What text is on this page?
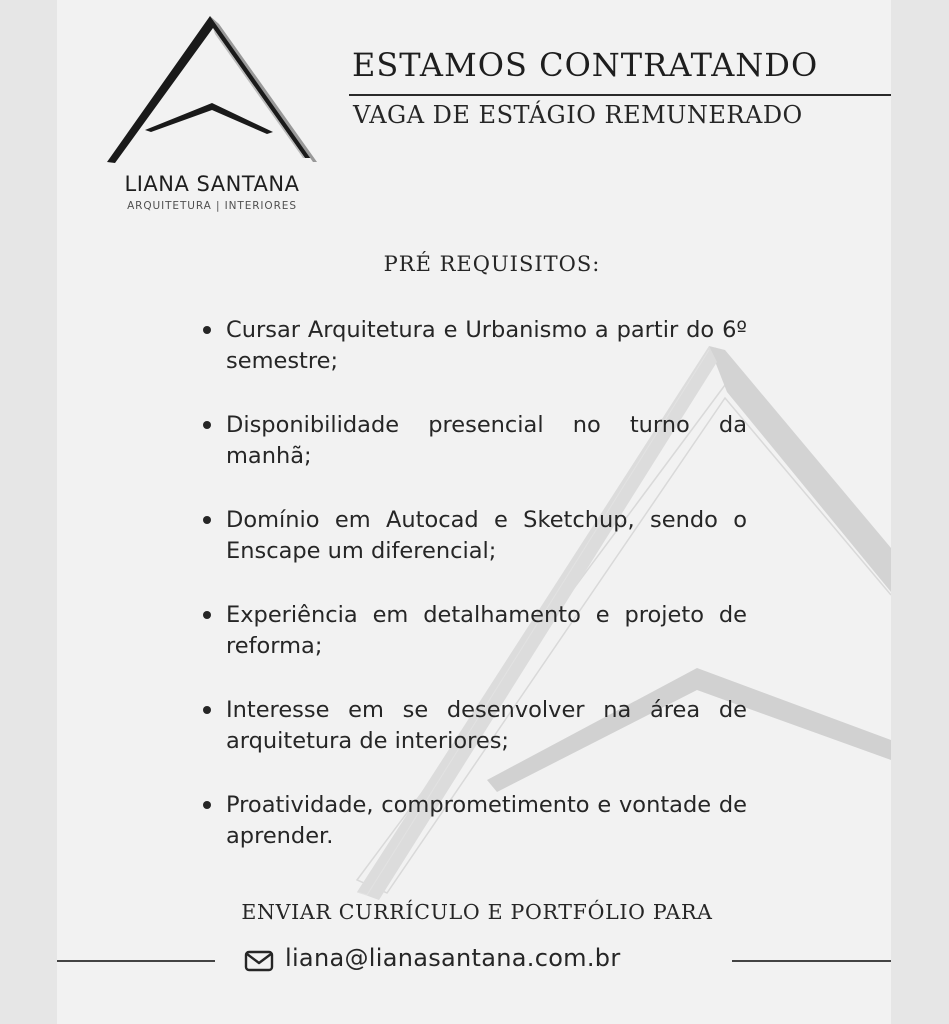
LIANA SANTANA
ARQUITETURA | INTERIORES
ESTAMOS CONTRATANDO
VAGA DE ESTÁGIO REMUNERADO
PRÉ REQUISITOS:
Cursar Arquitetura e Urbanismo a partir do 6º semestre;
Disponibilidade presencial no turno da manhã;
Domínio em Autocad e Sketchup, sendo o Enscape um diferencial;
Experiência em detalhamento e projeto de reforma;
Interesse em se desenvolver na área de arquitetura de interiores;
Proatividade, comprometimento e vontade de aprender.
ENVIAR CURRÍCULO E PORTFÓLIO PARA
liana@lianasantana.com.br
